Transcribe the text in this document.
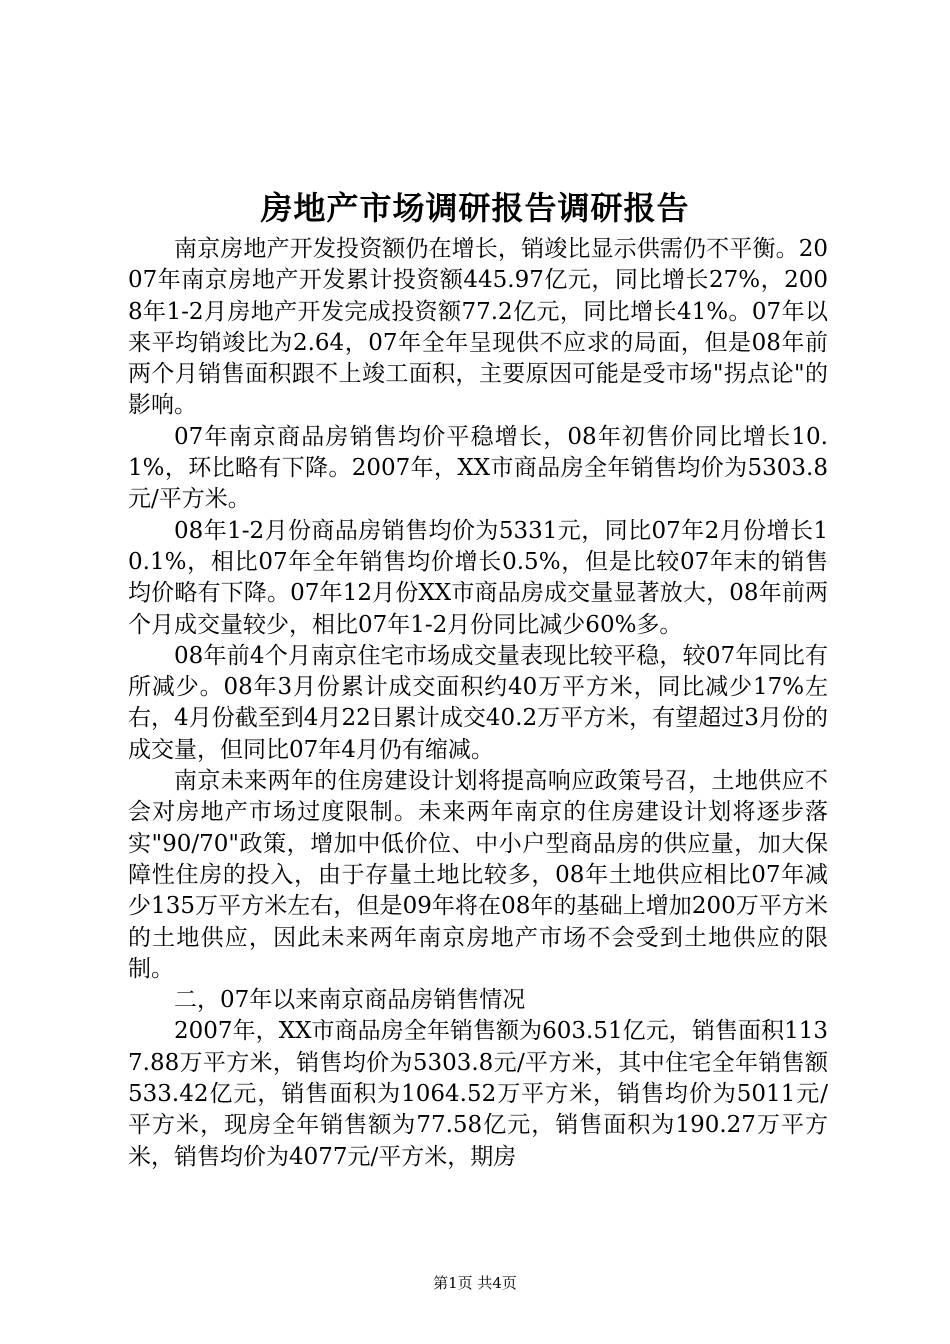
房地产市场调研报告调研报告

南京房地产开发投资额仍在增长，销竣比显示供需仍不平衡。2007年南京房地产开发累计投资额445.97亿元，同比增长27%，2008年1-2月房地产开发完成投资额77.2亿元，同比增长41%。07年以来平均销竣比为2.64，07年全年呈现供不应求的局面，但是08年前两个月销售面积跟不上竣工面积，主要原因可能是受市场"拐点论"的影响。

07年南京商品房销售均价平稳增长，08年初售价同比增长10.1%，环比略有下降。2007年，XX市商品房全年销售均价为5303.8元/平方米。

08年1-2月份商品房销售均价为5331元，同比07年2月份增长10.1%，相比07年全年销售均价增长0.5%，但是比较07年末的销售均价略有下降。07年12月份XX市商品房成交量显著放大，08年前两个月成交量较少，相比07年1-2月份同比减少60%多。

08年前4个月南京住宅市场成交量表现比较平稳，较07年同比有所减少。08年3月份累计成交面积约40万平方米，同比减少17%左右，4月份截至到4月22日累计成交40.2万平方米，有望超过3月份的成交量，但同比07年4月仍有缩减。

南京未来两年的住房建设计划将提高响应政策号召，土地供应不会对房地产市场过度限制。未来两年南京的住房建设计划将逐步落实"90/70"政策，增加中低价位、中小户型商品房的供应量，加大保障性住房的投入，由于存量土地比较多，08年土地供应相比07年减少135万平方米左右，但是09年将在08年的基础上增加200万平方米的土地供应，因此未来两年南京房地产市场不会受到土地供应的限制。

二，07年以来南京商品房销售情况

2007年，XX市商品房全年销售额为603.51亿元，销售面积1137.88万平方米，销售均价为5303.8元/平方米，其中住宅全年销售额533.42亿元，销售面积为1064.52万平方米，销售均价为5011元/平方米，现房全年销售额为77.58亿元，销售面积为190.27万平方米，销售均价为4077元/平方米，期房

第1页 共4页
